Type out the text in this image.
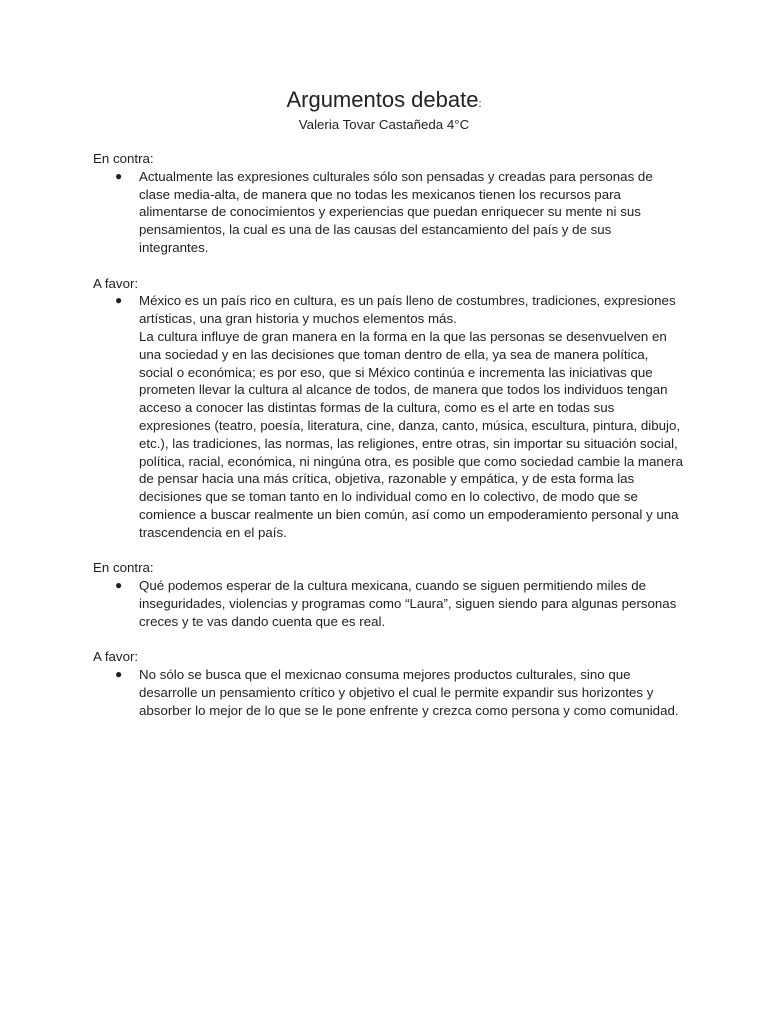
Argumentos debate:
Valeria Tovar Castañeda 4°C

En contra:

● Actualmente las expresiones culturales sólo son pensadas y creadas para personas de clase media-alta, de manera que no todas les mexicanos tienen los recursos para alimentarse de conocimientos y experiencias que puedan enriquecer su mente ni sus pensamientos, la cual es una de las causas del estancamiento del país y de sus integrantes.

A favor:

● México es un país rico en cultura, es un país lleno de costumbres, tradiciones, expresiones artísticas, una gran historia y muchos elementos más.

La cultura influye de gran manera en la forma en la que las personas se desenvuelven en una sociedad y en las decisiones que toman dentro de ella, ya sea de manera política, social o económica; es por eso, que si México continúa e incrementa las iniciativas que prometen llevar la cultura al alcance de todos, de manera que todos los individuos tengan acceso a conocer las distintas formas de la cultura, como es el arte en todas sus expresiones (teatro, poesía, literatura, cine, danza, canto, música, escultura, pintura, dibujo, etc.), las tradiciones, las normas, las religiones, entre otras, sin importar su situación social, política, racial, económica, ni ningúna otra, es posible que como sociedad cambie la manera de pensar hacia una más crítica, objetiva, razonable y empática, y de esta forma las decisiones que se toman tanto en lo individual como en lo colectivo, de modo que se comience a buscar realmente un bien común, así como un empoderamiento personal y una trascendencia en el país.

En contra:

● Qué podemos esperar de la cultura mexicana, cuando se siguen permitiendo miles de inseguridades, violencias y programas como “Laura”, siguen siendo para algunas personas creces y te vas dando cuenta que es real.

A favor:

● No sólo se busca que el mexicnao consuma mejores productos culturales, sino que desarrolle un pensamiento crítico y objetivo el cual le permite expandir sus horizontes y absorber lo mejor de lo que se le pone enfrente y crezca como persona y como comunidad.
